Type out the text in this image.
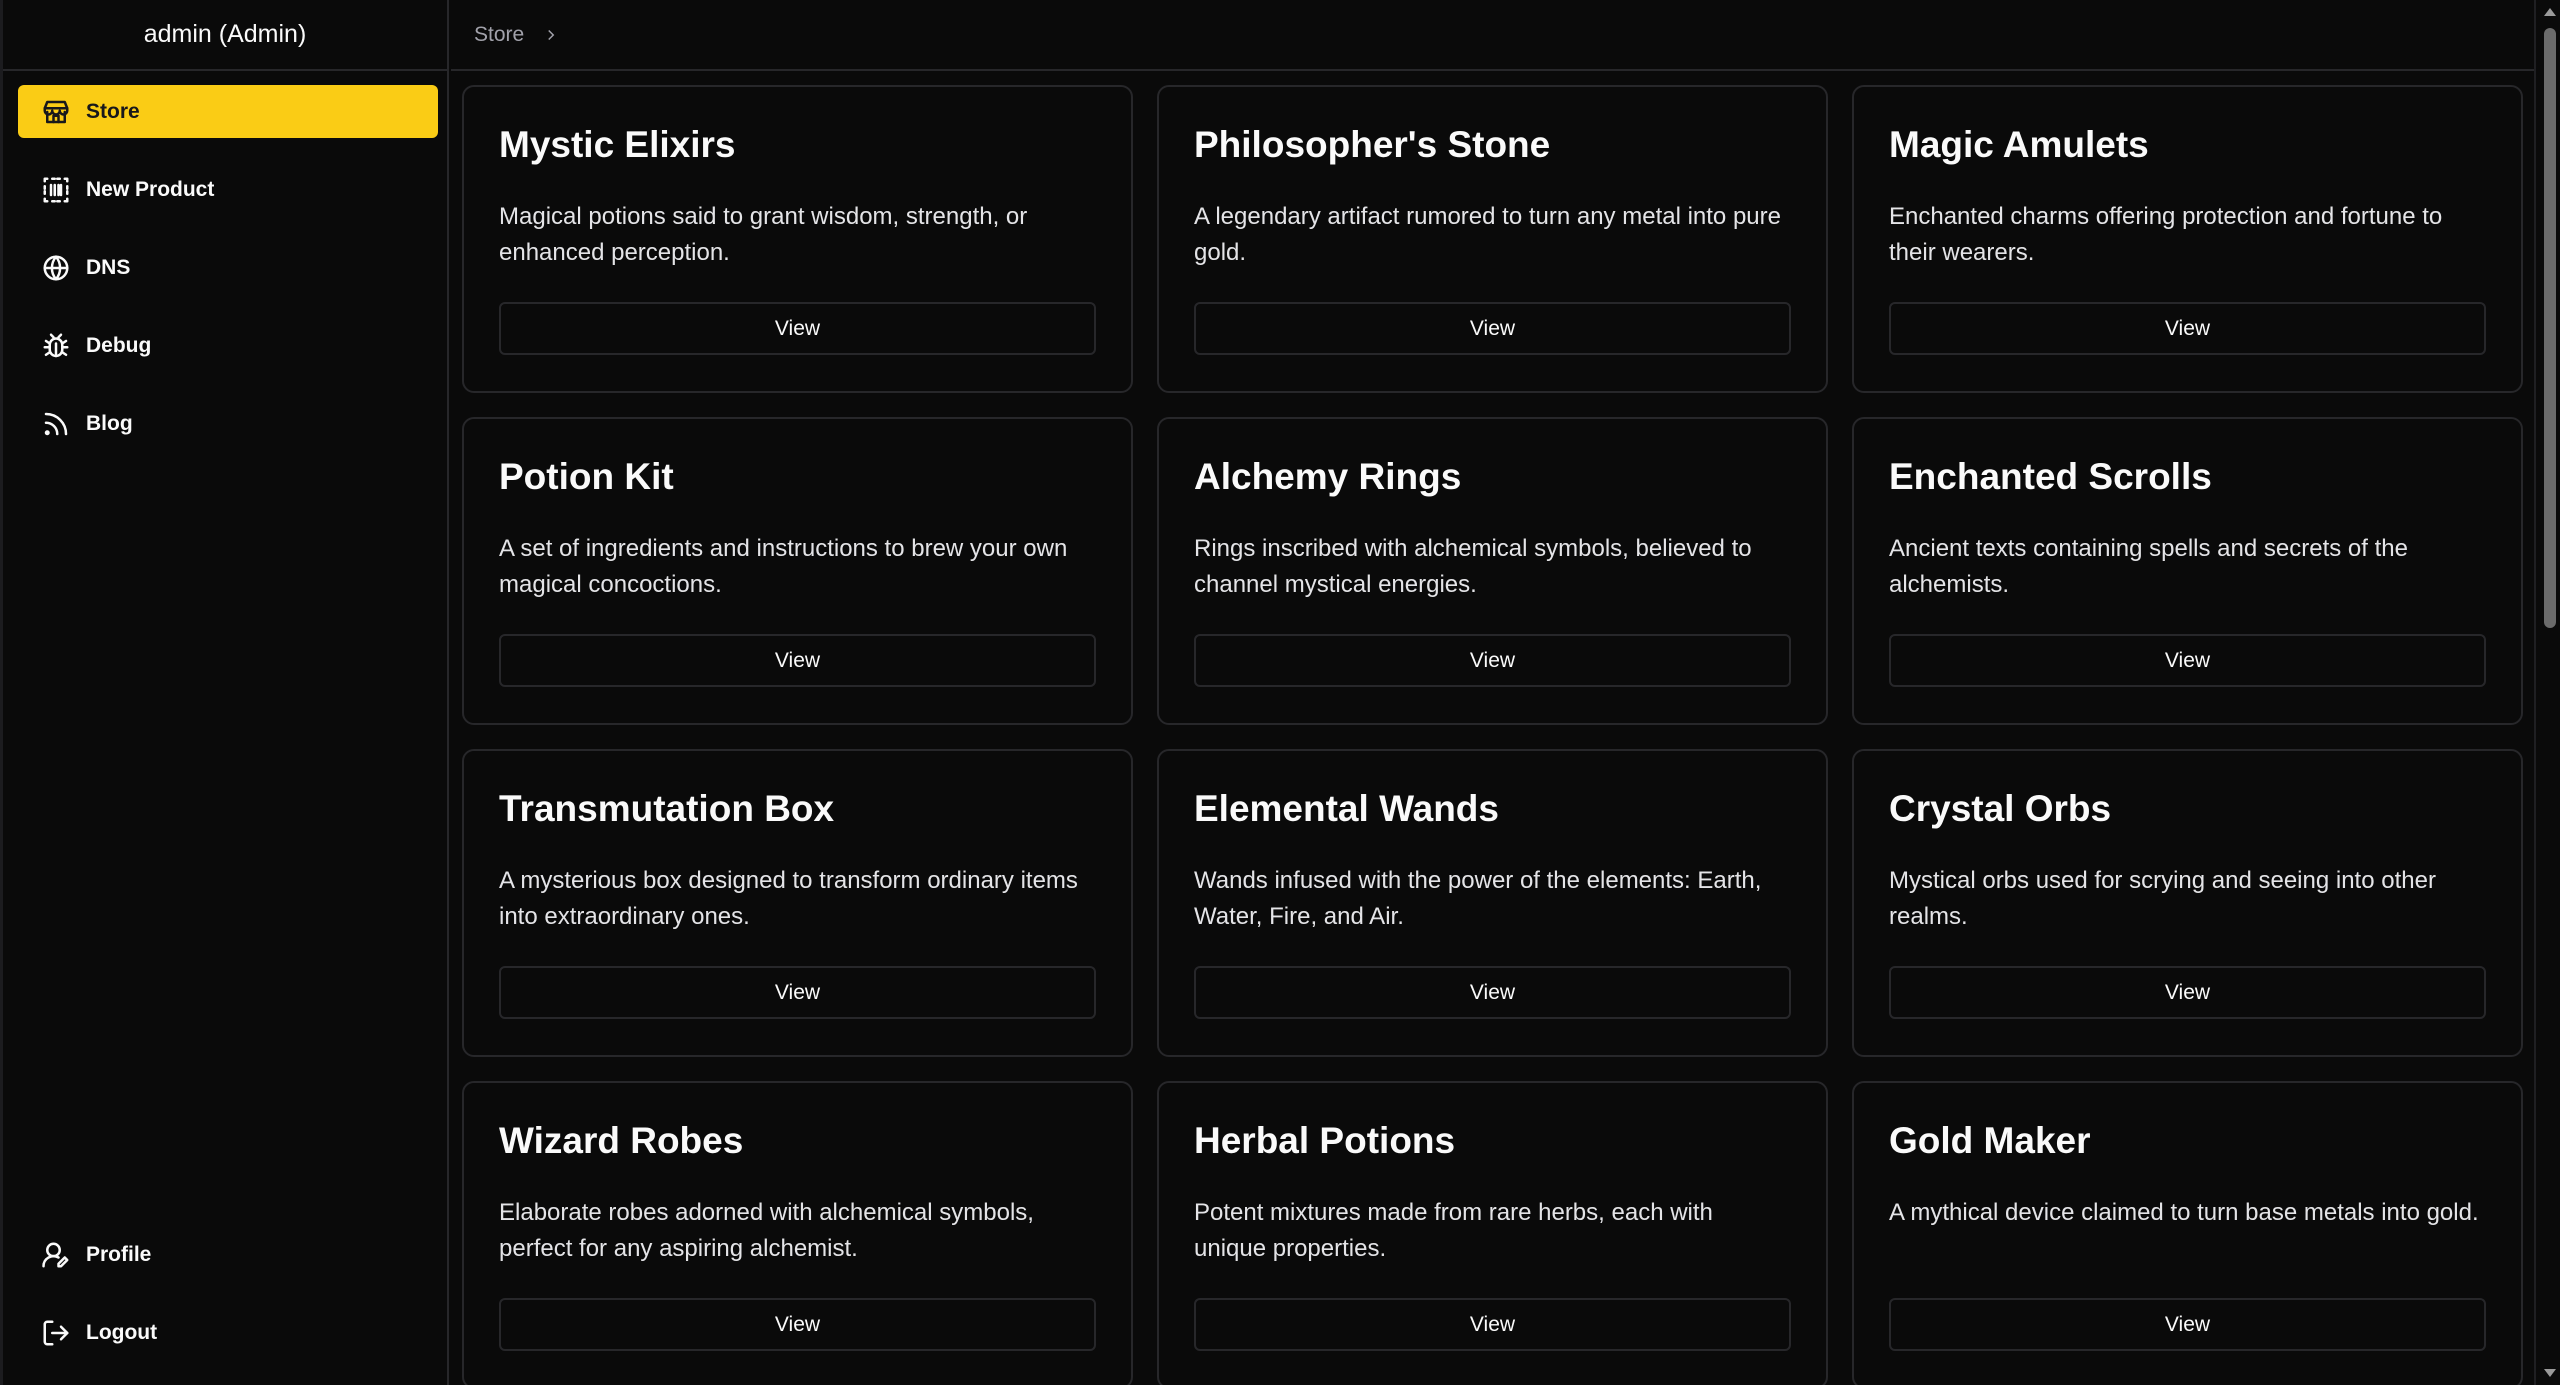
admin (Admin)
Store
New Product
DNS
Debug
Blog
Profile
Logout
Store
Mystic Elixirs
Magical potions said to grant wisdom, strength, or enhanced perception.
View
Philosopher's Stone
A legendary artifact rumored to turn any metal into pure gold.
View
Magic Amulets
Enchanted charms offering protection and fortune to their wearers.
View
Potion Kit
A set of ingredients and instructions to brew your own magical concoctions.
View
Alchemy Rings
Rings inscribed with alchemical symbols, believed to channel mystical energies.
View
Enchanted Scrolls
Ancient texts containing spells and secrets of the alchemists.
View
Transmutation Box
A mysterious box designed to transform ordinary items into extraordinary ones.
View
Elemental Wands
Wands infused with the power of the elements: Earth, Water, Fire, and Air.
View
Crystal Orbs
Mystical orbs used for scrying and seeing into other realms.
View
Wizard Robes
Elaborate robes adorned with alchemical symbols, perfect for any aspiring alchemist.
View
Herbal Potions
Potent mixtures made from rare herbs, each with unique properties.
View
Gold Maker
A mythical device claimed to turn base metals into gold.
View
